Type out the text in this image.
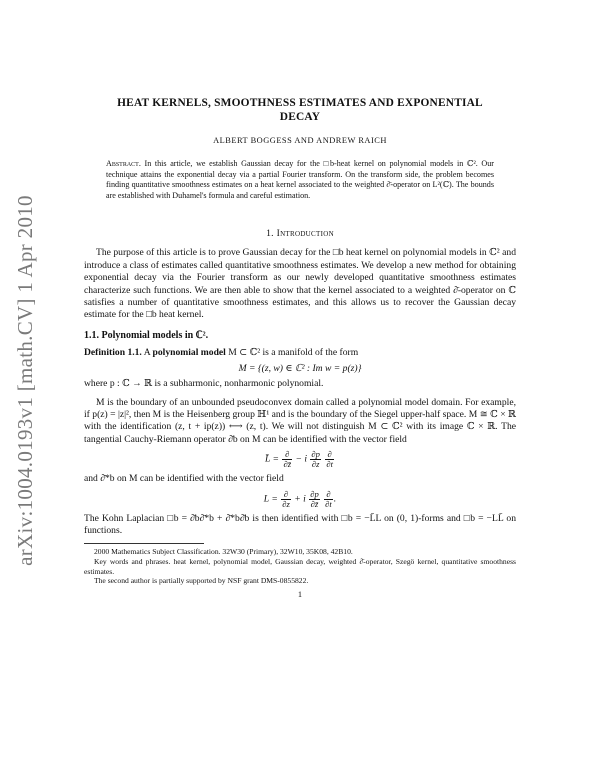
arXiv:1004.0193v1 [math.CV] 1 Apr 2010
HEAT KERNELS, SMOOTHNESS ESTIMATES AND EXPONENTIAL DECAY
ALBERT BOGGESS AND ANDREW RAICH
Abstract. In this article, we establish Gaussian decay for the □b-heat kernel on polynomial models in ℂ². Our technique attains the exponential decay via a partial Fourier transform. On the transform side, the problem becomes finding quantitative smoothness estimates on a heat kernel associated to the weighted ∂̄-operator on L²(ℂ). The bounds are established with Duhamel's formula and careful estimation.
1. Introduction

The purpose of this article is to prove Gaussian decay for the □b heat kernel on polynomial models in ℂ² and introduce a class of estimates called quantitative smoothness estimates. We develop a new method for obtaining exponential decay via the Fourier transform as our newly developed quantitative smoothness estimates characterize such functions. We are then able to show that the kernel associated to a weighted ∂̄-operator on ℂ satisfies a number of quantitative smoothness estimates, and this allows us to recover the Gaussian decay estimate for the □b heat kernel.

1.1. Polynomial models in ℂ².

Definition 1.1. A polynomial model M ⊂ ℂ² is a manifold of the form

M = {(z, w) ∈ ℂ² : Im w = p(z)}

where p : ℂ → ℝ is a subharmonic, nonharmonic polynomial.

M is the boundary of an unbounded pseudoconvex domain called a polynomial model domain. For example, if p(z) = |z|², then M is the Heisenberg group ℍ¹ and is the boundary of the Siegel upper-half space. M ≅ ℂ × ℝ with the identification (z, t + ip(z)) ⟷ (z, t). We will not distinguish M ⊂ ℂ² with its image ℂ × ℝ. The tangential Cauchy-Riemann operator ∂̄b on M can be identified with the vector field

L̄ = $\frac{\partial}{\partial z̄} - i \frac{\partial p}{\partial z}$
$\frac{\partial}{\partial t}$

and ∂̄*b on M can be identified with the vector field

$L = \frac{\partial}{\partial z} + i \frac{\partial p}{\partial z̄}$
$\frac{\partial}{\partial t}$ .

The Kohn Laplacian □b = ∂̄b∂̄*b + ∂̄*b∂̄b is then identified with □b = −L̄L on (0, 1)-forms and □b = −LL̄ on functions.

2000 Mathematics Subject Classification. 32W30 (Primary), 32W10, 35K08, 42B10.

Key words and phrases. heat kernel, polynomial model, Gaussian decay, weighted ∂̄-operator, Szegö kernel, quantitative smoothness estimates.

The second author is partially supported by NSF grant DMS-0855822.

1
